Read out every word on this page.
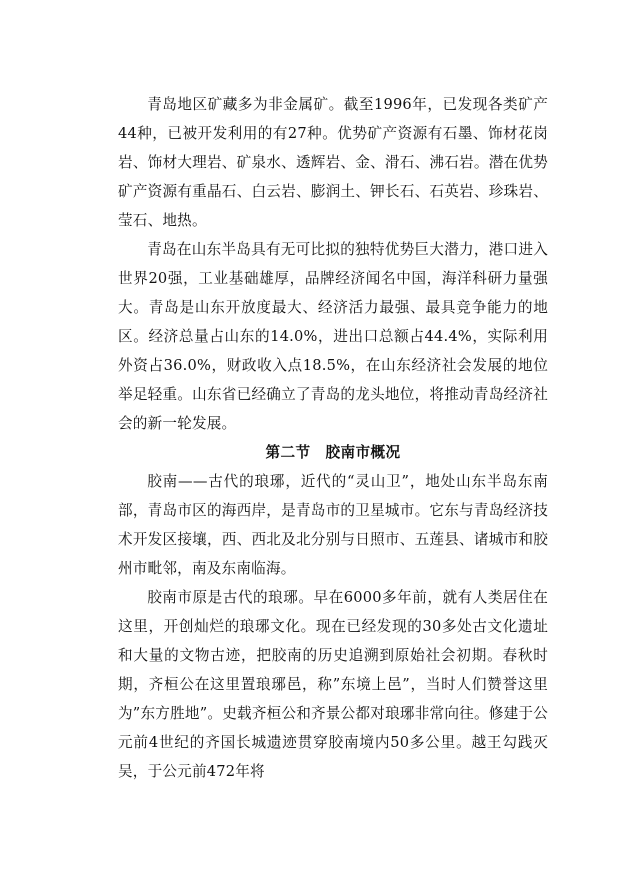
青岛地区矿藏多为非金属矿。截至1996年，已发现各类矿产44种，已被开发利用的有27种。优势矿产资源有石墨、饰材花岗岩、饰材大理岩、矿泉水、透辉岩、金、滑石、沸石岩。潜在优势矿产资源有重晶石、白云岩、膨润土、钾长石、石英岩、珍珠岩、莹石、地热。

青岛在山东半岛具有无可比拟的独特优势巨大潜力，港口进入世界20强，工业基础雄厚，品牌经济闻名中国，海洋科研力量强大。青岛是山东开放度最大、经济活力最强、最具竞争能力的地区。经济总量占山东的14.0%，进出口总额占44.4%，实际利用外资占36.0%，财政收入点18.5%，在山东经济社会发展的地位举足轻重。山东省已经确立了青岛的龙头地位，将推动青岛经济社会的新一轮发展。

第二节　胶南市概况

胶南——古代的琅琊，近代的“灵山卫”，地处山东半岛东南部，青岛市区的海西岸，是青岛市的卫星城市。它东与青岛经济技术开发区接壤，西、西北及北分别与日照市、五莲县、诸城市和胶州市毗邻，南及东南临海。

胶南市原是古代的琅琊。早在6000多年前，就有人类居住在这里，开创灿烂的琅琊文化。现在已经发现的30多处古文化遗址和大量的文物古迹，把胶南的历史追溯到原始社会初期。春秋时期，齐桓公在这里置琅琊邑，称”东境上邑”，当时人们赞誉这里为”东方胜地”。史载齐桓公和齐景公都对琅琊非常向往。修建于公元前4世纪的齐国长城遗迹贯穿胶南境内50多公里。越王勾践灭吴，于公元前472年将
